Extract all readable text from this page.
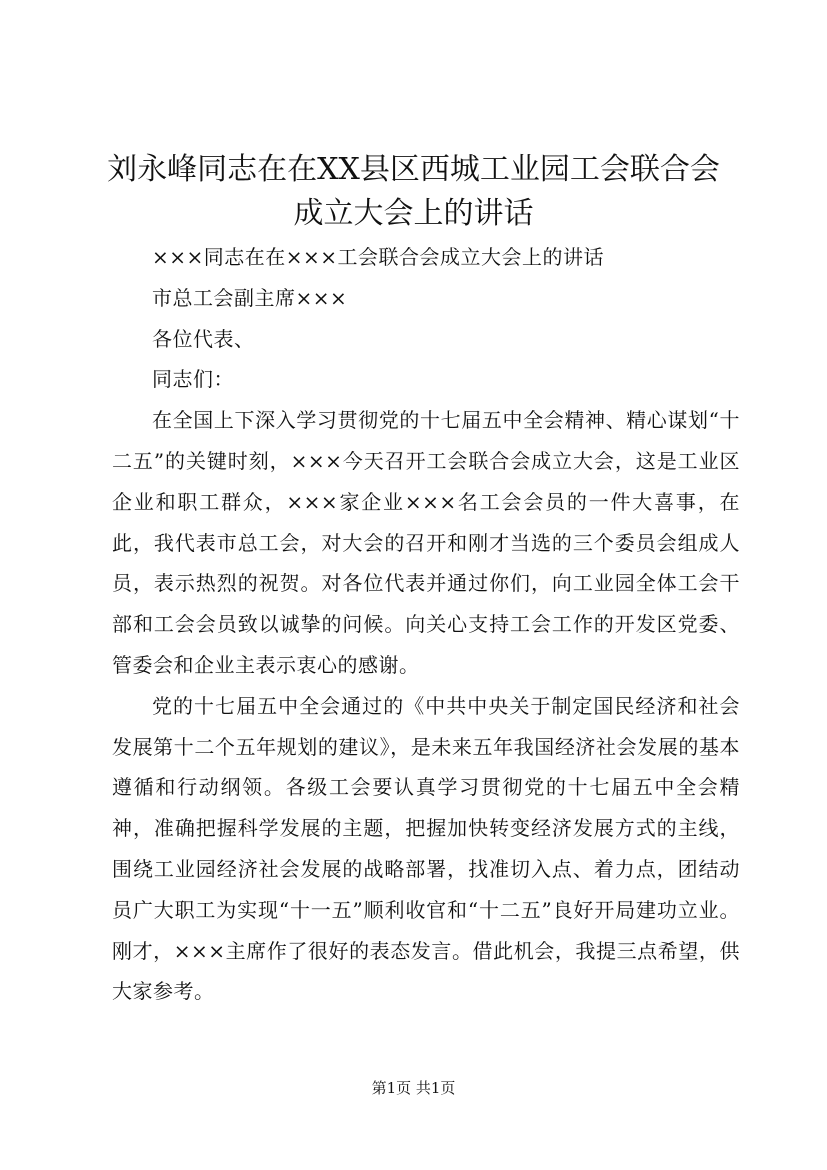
刘永峰同志在在XX县区西城工业园工会联合会成立大会上的讲话

×××同志在在×××工会联合会成立大会上的讲话

市总工会副主席×××

各位代表、

同志们：

在全国上下深入学习贯彻党的十七届五中全会精神、精心谋划“十二五”的关键时刻，×××今天召开工会联合会成立大会，这是工业区企业和职工群众，×××家企业×××名工会会员的一件大喜事，在此，我代表市总工会，对大会的召开和刚才当选的三个委员会组成人员，表示热烈的祝贺。对各位代表并通过你们，向工业园全体工会干部和工会会员致以诚挚的问候。向关心支持工会工作的开发区党委、管委会和企业主表示衷心的感谢。

党的十七届五中全会通过的《中共中央关于制定国民经济和社会发展第十二个五年规划的建议》，是未来五年我国经济社会发展的基本遵循和行动纲领。各级工会要认真学习贯彻党的十七届五中全会精神，准确把握科学发展的主题，把握加快转变经济发展方式的主线，围绕工业园经济社会发展的战略部署，找准切入点、着力点，团结动员广大职工为实现“十一五”顺利收官和“十二五”良好开局建功立业。刚才，×××主席作了很好的表态发言。借此机会，我提三点希望，供大家参考。

第1页 共1页
